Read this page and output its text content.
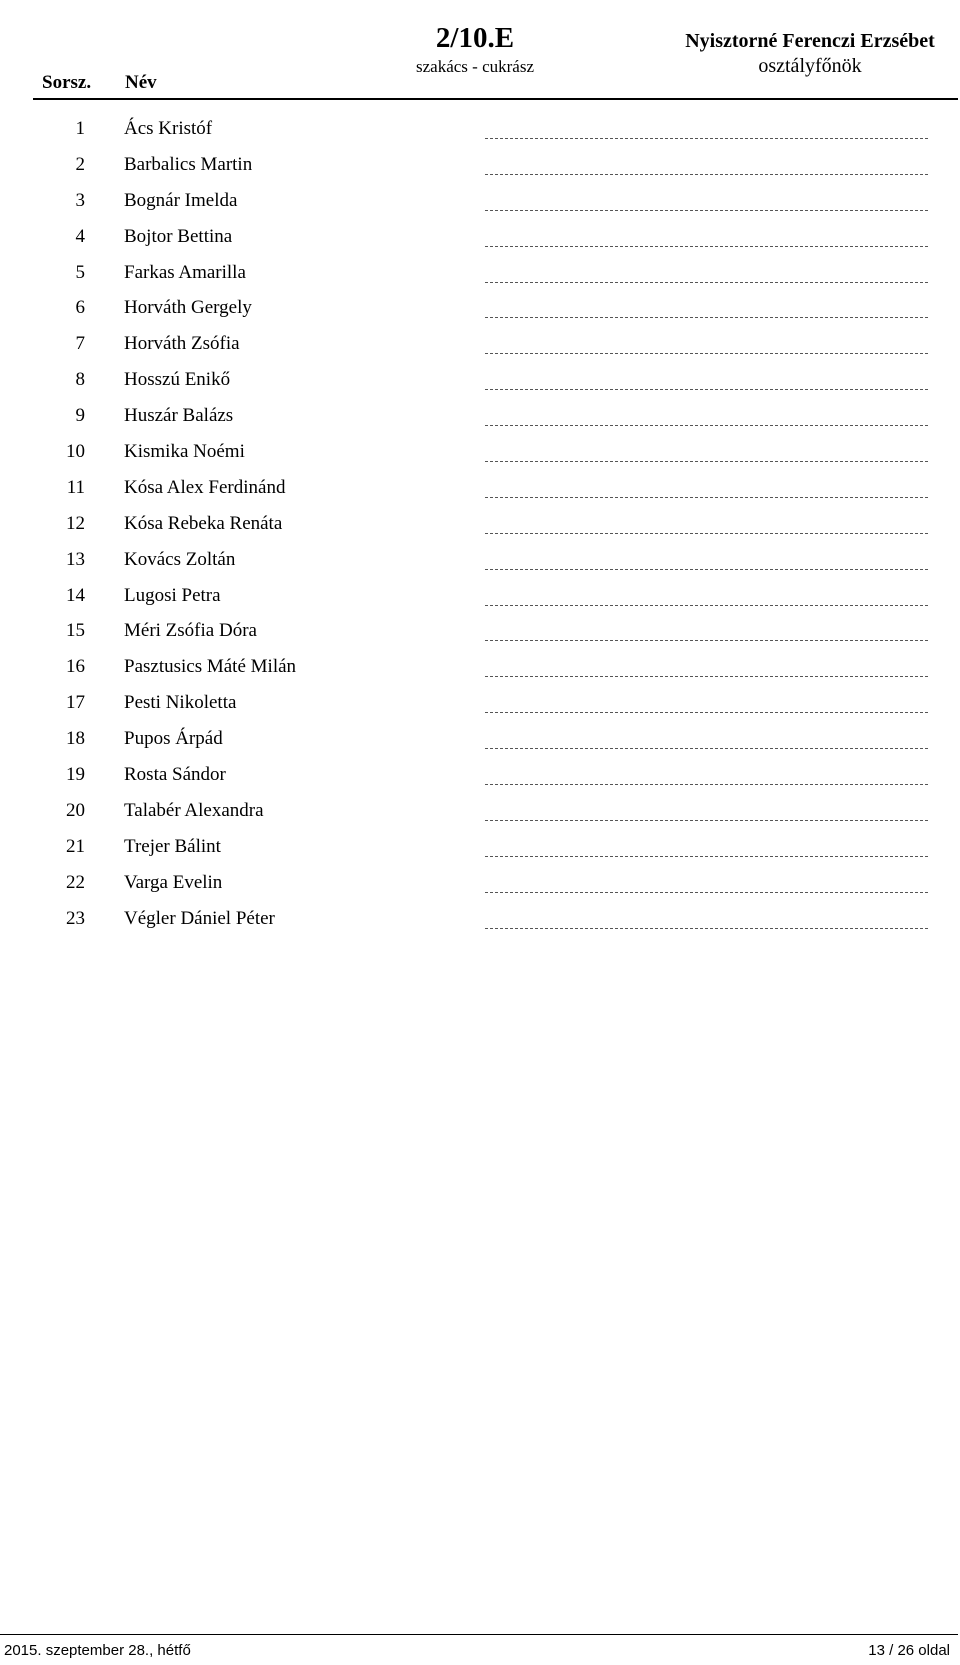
Sorsz. Név
2/10.E
szakács - cukrász
Nyisztorné Ferenczi Erzsébet
osztályfőnök
1 Ács Kristóf
2 Barbalics Martin
3 Bognár Imelda
4 Bojtor Bettina
5 Farkas Amarilla
6 Horváth Gergely
7 Horváth Zsófia
8 Hosszú Enikő
9 Huszár Balázs
10 Kismika Noémi
11 Kósa Alex Ferdinánd
12 Kósa Rebeka Renáta
13 Kovács Zoltán
14 Lugosi Petra
15 Méri Zsófia Dóra
16 Pasztusics Máté Milán
17 Pesti Nikoletta
18 Pupos Árpád
19 Rosta Sándor
20 Talabér Alexandra
21 Trejer Bálint
22 Varga Evelin
23 Végler Dániel Péter
2015. szeptember 28., hétfő	13 / 26 oldal
